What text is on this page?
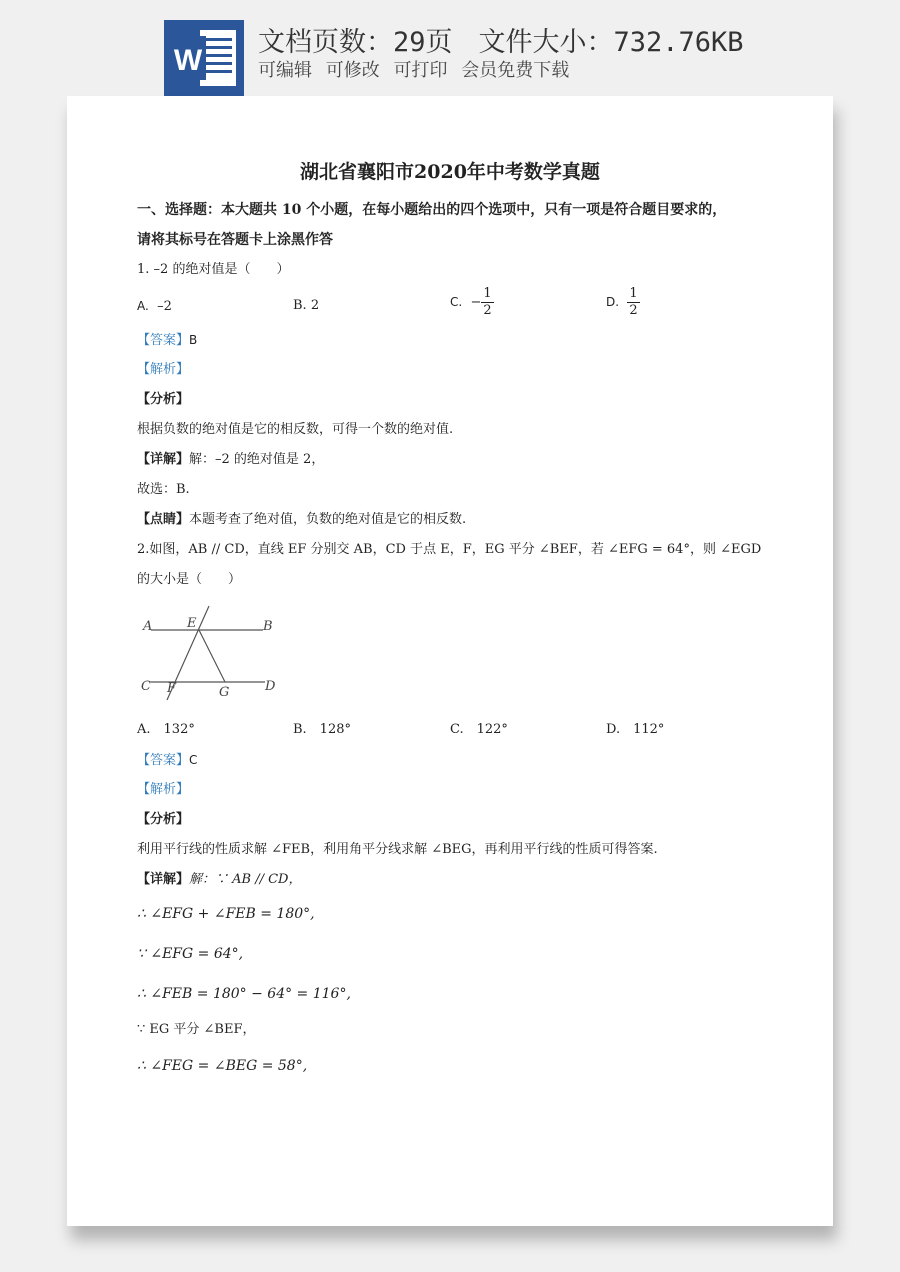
W
文档页数：29页 文件大小：732.76KB
可编辑 可修改 可打印 会员免费下载
湖北省襄阳市2020年中考数学真题
一、选择题：本大题共 10 个小题，在每小题给出的四个选项中，只有一项是符合题目要求的，
请将其标号在答题卡上涂黑作答
1. –2 的绝对值是（　　）
A. –2	B. 2	C. − $\frac{1}{2}$	D. $\frac{1}{2}$
【答案】B
【解析】
【分析】
根据负数的绝对值是它的相反数，可得一个数的绝对值.
【详解】解：–2 的绝对值是 2，
故选：B.
【点睛】本题考查了绝对值，负数的绝对值是它的相反数.
2.如图，AB // CD，直线 EF 分别交 AB，CD 于点 E，F，EG 平分 ∠BEF，若 ∠EFG = 64°，则 ∠EGD
的大小是（　　）
A	E	B
C F	G	D
A.　132°	B.　128°	C.　122°	D.　112°
【答案】C
【解析】
【分析】
利用平行线的性质求解 ∠FEB，利用角平分线求解 ∠BEG，再利用平行线的性质可得答案.
【详解】解：∵ AB // CD，
∴ ∠EFG + ∠FEB = 180°,
∵ ∠EFG = 64°,
∴ ∠FEB = 180° − 64° = 116°,
∵ EG 平分 ∠BEF，
∴ ∠FEG = ∠BEG = 58°,
